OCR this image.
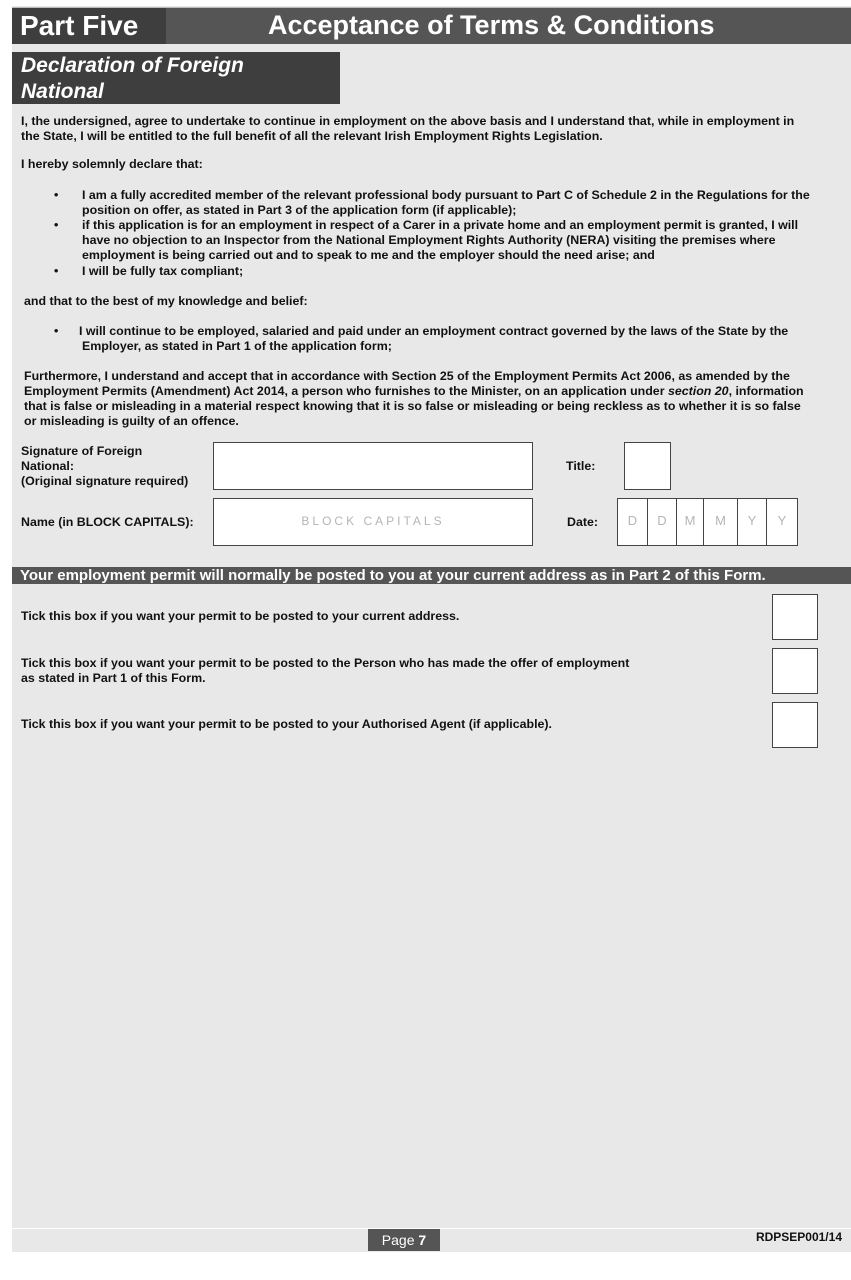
Part Five	Acceptance of Terms & Conditions
Declaration of Foreign
National
I, the undersigned, agree to undertake to continue in employment on the above basis and I understand that, while in employment in
the State, I will be entitled to the full benefit of all the relevant Irish Employment Rights Legislation.
I hereby solemnly declare that:
• I am a fully accredited member of the relevant professional body pursuant to Part C of Schedule 2 in the Regulations for the
position on offer, as stated in Part 3 of the application form (if applicable);
• if this application is for an employment in respect of a Carer in a private home and an employment permit is granted, I will
have no objection to an Inspector from the National Employment Rights Authority (NERA) visiting the premises where
employment is being carried out and to speak to me and the employer should the need arise; and
• I will be fully tax compliant;
and that to the best of my knowledge and belief:
• I will continue to be employed, salaried and paid under an employment contract governed by the laws of the State by the
Employer, as stated in Part 1 of the application form;
Furthermore, I understand and accept that in accordance with Section 25 of the Employment Permits Act 2006, as amended by the
Employment Permits (Amendment) Act 2014, a person who furnishes to the Minister, on an application under section 20, information
that is false or misleading in a material respect knowing that it is so false or misleading or being reckless as to whether it is so false
or misleading is guilty of an offence.
Signature of Foreign
National:
(Original signature required)
Title:
Name (in BLOCK CAPITALS):	BLOCK CAPITALS	Date:	D	D	M	M	Y	Y
Your employment permit will normally be posted to you at your current address as in Part 2 of this Form.
Tick this box if you want your permit to be posted to your current address.
Tick this box if you want your permit to be posted to the Person who has made the offer of employment
as stated in Part 1 of this Form.
Tick this box if you want your permit to be posted to your Authorised Agent (if applicable).
Page 7	RDPSEP001/14
